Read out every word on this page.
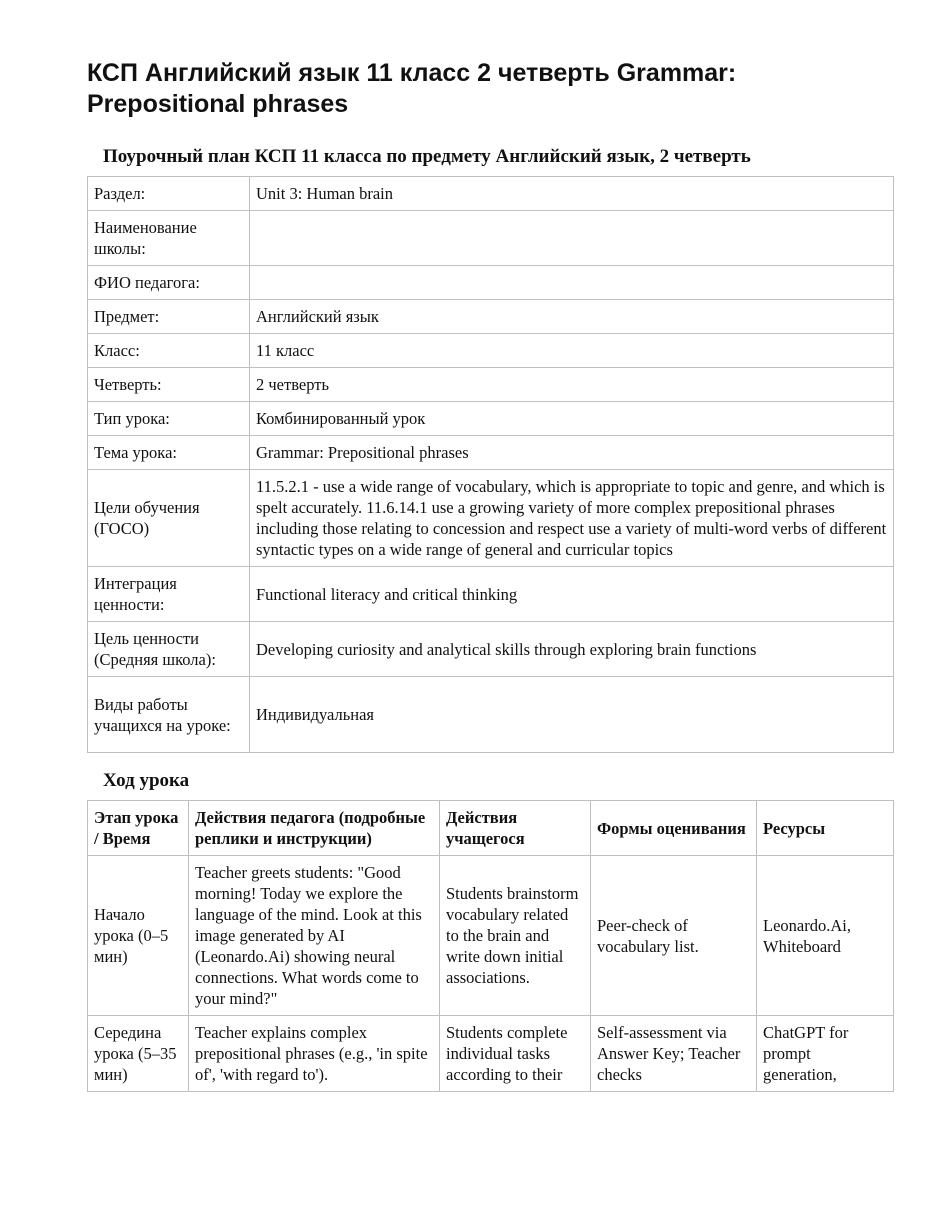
КСП Английский язык 11 класс 2 четверть Grammar: Prepositional phrases
Поурочный план КСП 11 класса по предмету Английский язык, 2 четверть
Раздел:	Unit 3: Human brain
Наименование школы:	
ФИО педагога:	
Предмет:	Английский язык
Класс:	11 класс
Четверть:	2 четверть
Тип урока:	Комбинированный урок
Тема урока:	Grammar: Prepositional phrases
Цели обучения (ГОСО)	11.5.2.1 - use a wide range of vocabulary, which is appropriate to topic and genre, and which is spelt accurately. 11.6.14.1 use a growing variety of more complex prepositional phrases including those relating to concession and respect use a variety of multi-word verbs of different syntactic types on a wide range of general and curricular topics
Интеграция ценности:	Functional literacy and critical thinking
Цель ценности (Средняя школа):	Developing curiosity and analytical skills through exploring brain functions
Виды работы учащихся на уроке:	Индивидуальная
Ход урока
Этап урока / Время	Действия педагога (подробные реплики и инструкции)	Действия учащегося	Формы оценивания	Ресурсы
Начало урока (0–5 мин)	Teacher greets students: "Good morning! Today we explore the language of the mind. Look at this image generated by AI (Leonardo.Ai) showing neural connections. What words come to your mind?"	Students brainstorm vocabulary related to the brain and write down initial associations.	Peer-check of vocabulary list.	Leonardo.Ai, Whiteboard
Середина урока (5–35 мин)	Teacher explains complex prepositional phrases (e.g., 'in spite of', 'with regard to').	Students complete individual tasks according to their	Self-assessment via Answer Key; Teacher checks	ChatGPT for prompt generation,
